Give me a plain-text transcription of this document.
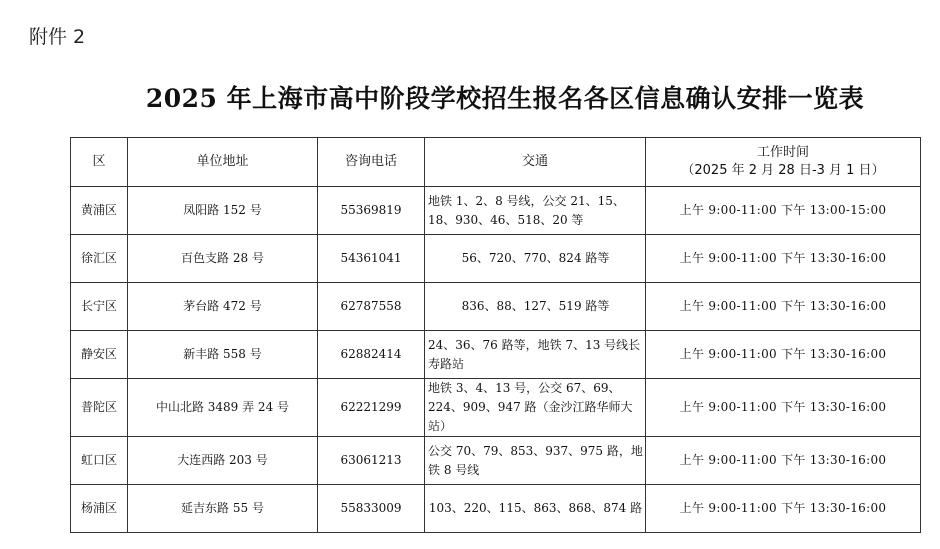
附件 2
2025 年上海市高中阶段学校招生报名各区信息确认安排一览表
区	单位地址	咨询电话	交通	工作时间
（2025 年 2 月 28 日-3 月 1 日）

黄浦区	凤阳路 152 号	55369819	地铁 1、2、8 号线，公交 21、15、18、930、46、518、20 等	上午 9:00-11:00 下午 13:00-15:00
徐汇区	百色支路 28 号	54361041	56、720、770、824 路等	上午 9:00-11:00 下午 13:30-16:00
长宁区	茅台路 472 号	62787558	836、88、127、519 路等	上午 9:00-11:00 下午 13:30-16:00
静安区	新丰路 558 号	62882414	24、36、76 路等，地铁 7、13 号线长寿路站	上午 9:00-11:00 下午 13:30-16:00
普陀区	中山北路 3489 弄 24 号	62221299	地铁 3、4、13 号，公交 67、69、224、909、947 路（金沙江路华师大站）	上午 9:00-11:00 下午 13:30-16:00
虹口区	大连西路 203 号	63061213	公交 70、79、853、937、975 路，地铁 8 号线	上午 9:00-11:00 下午 13:30-16:00
杨浦区	延吉东路 55 号	55833009	103、220、115、863、868、874 路	上午 9:00-11:00 下午 13:30-16:00
